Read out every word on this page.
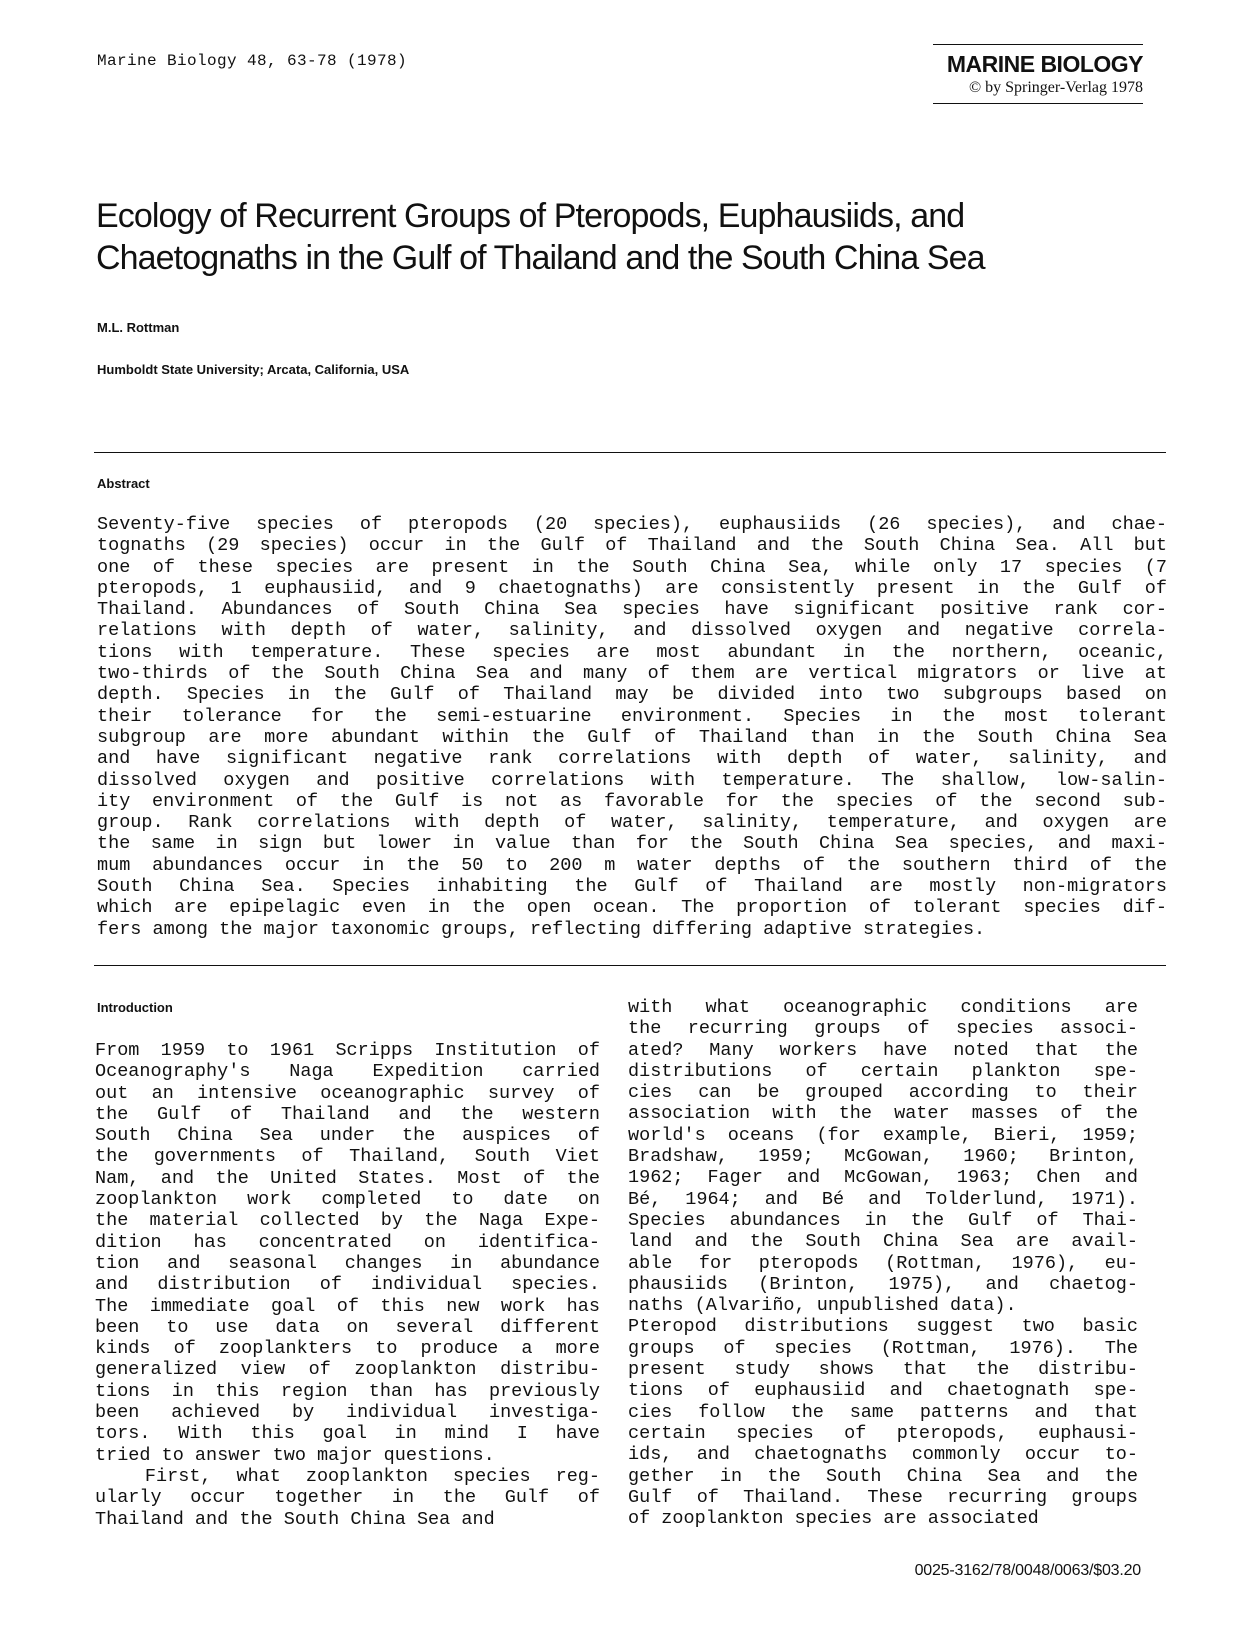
Marine Biology 48, 63-78 (1978)	MARINE BIOLOGY
© by Springer-Verlag 1978
Ecology of Recurrent Groups of Pteropods, Euphausiids, and
Chaetognaths in the Gulf of Thailand and the South China Sea
M.L. Rottman
Humboldt State University; Arcata, California, USA
Abstract
Seventy-five species of pteropods (20 species), euphausiids (26 species), and chae-
tognaths (29 species) occur in the Gulf of Thailand and the South China Sea. All but
one of these species are present in the South China Sea, while only 17 species (7
pteropods, 1 euphausiid, and 9 chaetognaths) are consistently present in the Gulf of
Thailand. Abundances of South China Sea species have significant positive rank cor-
relations with depth of water, salinity, and dissolved oxygen and negative correla-
tions with temperature. These species are most abundant in the northern, oceanic,
two-thirds of the South China Sea and many of them are vertical migrators or live at
depth. Species in the Gulf of Thailand may be divided into two subgroups based on
their tolerance for the semi-estuarine environment. Species in the most tolerant
subgroup are more abundant within the Gulf of Thailand than in the South China Sea
and have significant negative rank correlations with depth of water, salinity, and
dissolved oxygen and positive correlations with temperature. The shallow, low-salin-
ity environment of the Gulf is not as favorable for the species of the second sub-
group. Rank correlations with depth of water, salinity, temperature, and oxygen are
the same in sign but lower in value than for the South China Sea species, and maxi-
mum abundances occur in the 50 to 200 m water depths of the southern third of the
South China Sea. Species inhabiting the Gulf of Thailand are mostly non-migrators
which are epipelagic even in the open ocean. The proportion of tolerant species dif-
fers among the major taxonomic groups, reflecting differing adaptive strategies.
Introduction
From 1959 to 1961 Scripps Institution of
Oceanography's Naga Expedition carried
out an intensive oceanographic survey of
the Gulf of Thailand and the western
South China Sea under the auspices of
the governments of Thailand, South Viet
Nam, and the United States. Most of the
zooplankton work completed to date on
the material collected by the Naga Expe-
dition has concentrated on identifica-
tion and seasonal changes in abundance
and distribution of individual species.
The immediate goal of this new work has
been to use data on several different
kinds of zooplankters to produce a more
generalized view of zooplankton distribu-
tions in this region than has previously
been achieved by individual investiga-
tors. With this goal in mind I have
tried to answer two major questions.
First, what zooplankton species reg-
ularly occur together in the Gulf of
Thailand and the South China Sea and
with what oceanographic conditions are
the recurring groups of species associ-
ated? Many workers have noted that the
distributions of certain plankton spe-
cies can be grouped according to their
association with the water masses of the
world's oceans (for example, Bieri, 1959;
Bradshaw, 1959; McGowan, 1960; Brinton,
1962; Fager and McGowan, 1963; Chen and
Bé, 1964; and Bé and Tolderlund, 1971).
Species abundances in the Gulf of Thai-
land and the South China Sea are avail-
able for pteropods (Rottman, 1976), eu-
phausiids (Brinton, 1975), and chaetog-
naths (Alvariño, unpublished data).
Pteropod distributions suggest two basic
groups of species (Rottman, 1976). The
present study shows that the distribu-
tions of euphausiid and chaetognath spe-
cies follow the same patterns and that
certain species of pteropods, euphausi-
ids, and chaetognaths commonly occur to-
gether in the South China Sea and the
Gulf of Thailand. These recurring groups
of zooplankton species are associated
0025-3162/78/0048/0063/$03.20
